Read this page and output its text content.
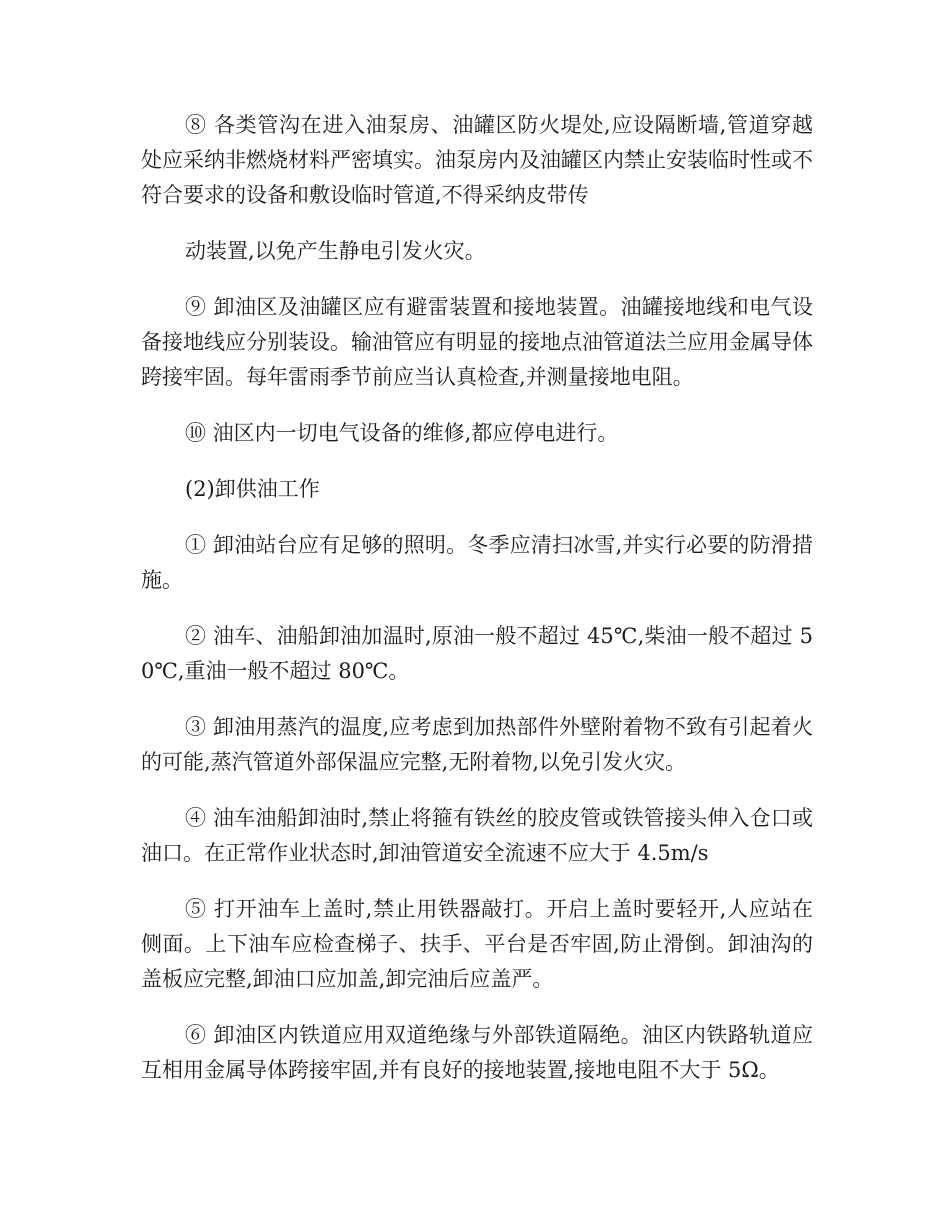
⑧ 各类管沟在进入油泵房、油罐区防火堤处,应设隔断墙,管道穿越处应采纳非燃烧材料严密填实。油泵房内及油罐区内禁止安装临时性或不符合要求的设备和敷设临时管道,不得采纳皮带传

动装置,以免产生静电引发火灾。

⑨ 卸油区及油罐区应有避雷装置和接地装置。油罐接地线和电气设备接地线应分别装设。输油管应有明显的接地点油管道法兰应用金属导体跨接牢固。每年雷雨季节前应当认真检查,并测量接地电阻。

⑩ 油区内一切电气设备的维修,都应停电进行。

(2)卸供油工作

① 卸油站台应有足够的照明。冬季应清扫冰雪,并实行必要的防滑措施。

② 油车、油船卸油加温时,原油一般不超过 45℃,柴油一般不超过 50℃,重油一般不超过 80℃。

③ 卸油用蒸汽的温度,应考虑到加热部件外壁附着物不致有引起着火的可能,蒸汽管道外部保温应完整,无附着物,以免引发火灾。

④ 油车油船卸油时,禁止将箍有铁丝的胶皮管或铁管接头伸入仓口或油口。在正常作业状态时,卸油管道安全流速不应大于 4.5m/s

⑤ 打开油车上盖时,禁止用铁器敲打。开启上盖时要轻开,人应站在侧面。上下油车应检查梯子、扶手、平台是否牢固,防止滑倒。卸油沟的盖板应完整,卸油口应加盖,卸完油后应盖严。

⑥ 卸油区内铁道应用双道绝缘与外部铁道隔绝。油区内铁路轨道应互相用金属导体跨接牢固,并有良好的接地装置,接地电阻不大于 5Ω。
